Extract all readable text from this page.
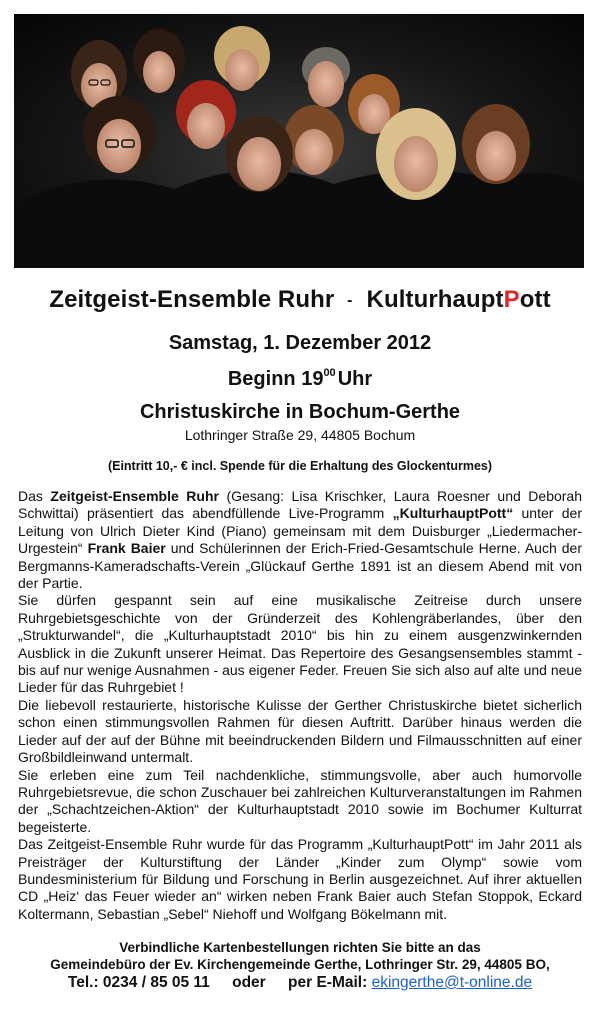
Zeitgeist-Ensemble Ruhr - KulturhauptPott
Samstag, 1. Dezember 2012
Beginn $19^{00}$ Uhr
Christuskirche in Bochum-Gerthe
Lothringer Straße 29, 44805 Bochum
(Eintritt 10,- € incl. Spende für die Erhaltung des Glockenturmes)

Das Zeitgeist-Ensemble Ruhr (Gesang: Lisa Krischker, Laura Roesner und Deborah Schwittai) präsentiert das abendfüllende Live-Programm „KulturhauptPott“ unter der Leitung von Ulrich Dieter Kind (Piano) gemeinsam mit dem Duisburger „Liedermacher-Urgestein“ Frank Baier und Schülerinnen der Erich-Fried-Gesamtschule Herne. Auch der Bergmanns-Kameradschafts-Verein „Glückauf Gerthe 1891 ist an diesem Abend mit von der Partie.

Sie dürfen gespannt sein auf eine musikalische Zeitreise durch unsere Ruhrgebietsgeschichte von der Gründerzeit des Kohlengräberlandes, über den „Strukturwandel“, die „Kulturhauptstadt 2010“ bis hin zu einem ausgenzwinkernden Ausblick in die Zukunft unserer Heimat. Das Repertoire des Gesangsensembles stammt - bis auf nur wenige Ausnahmen - aus eigener Feder. Freuen Sie sich also auf alte und neue Lieder für das Ruhrgebiet !

Die liebevoll restaurierte, historische Kulisse der Gerther Christuskirche bietet sicherlich schon einen stimmungsvollen Rahmen für diesen Auftritt. Darüber hinaus werden die Lieder auf der auf der Bühne mit beeindruckenden Bildern und Filmausschnitten auf einer Großbildleinwand untermalt.

Sie erleben eine zum Teil nachdenkliche, stimmungsvolle, aber auch humorvolle Ruhrgebietsrevue, die schon Zuschauer bei zahlreichen Kulturveranstaltungen im Rahmen der „Schachtzeichen-Aktion“ der Kulturhauptstadt 2010 sowie im Bochumer Kulturrat begeisterte.

Das Zeitgeist-Ensemble Ruhr wurde für das Programm „KulturhauptPott“ im Jahr 2011 als Preisträger der Kulturstiftung der Länder „Kinder zum Olymp“ sowie vom Bundesministerium für Bildung und Forschung in Berlin ausgezeichnet. Auf ihrer aktuellen CD „Heiz‘ das Feuer wieder an“ wirken neben Frank Baier auch Stefan Stoppok, Eckard Koltermann, Sebastian „Sebel“ Niehoff und Wolfgang Bökelmann mit.

Verbindliche Kartenbestellungen richten Sie bitte an das
Gemeindebüro der Ev. Kirchengemeinde Gerthe, Lothringer Str. 29, 44805 BO,
Tel.: 0234 / 85 05 11 oder per E-Mail: ekingerthe@t-online.de
